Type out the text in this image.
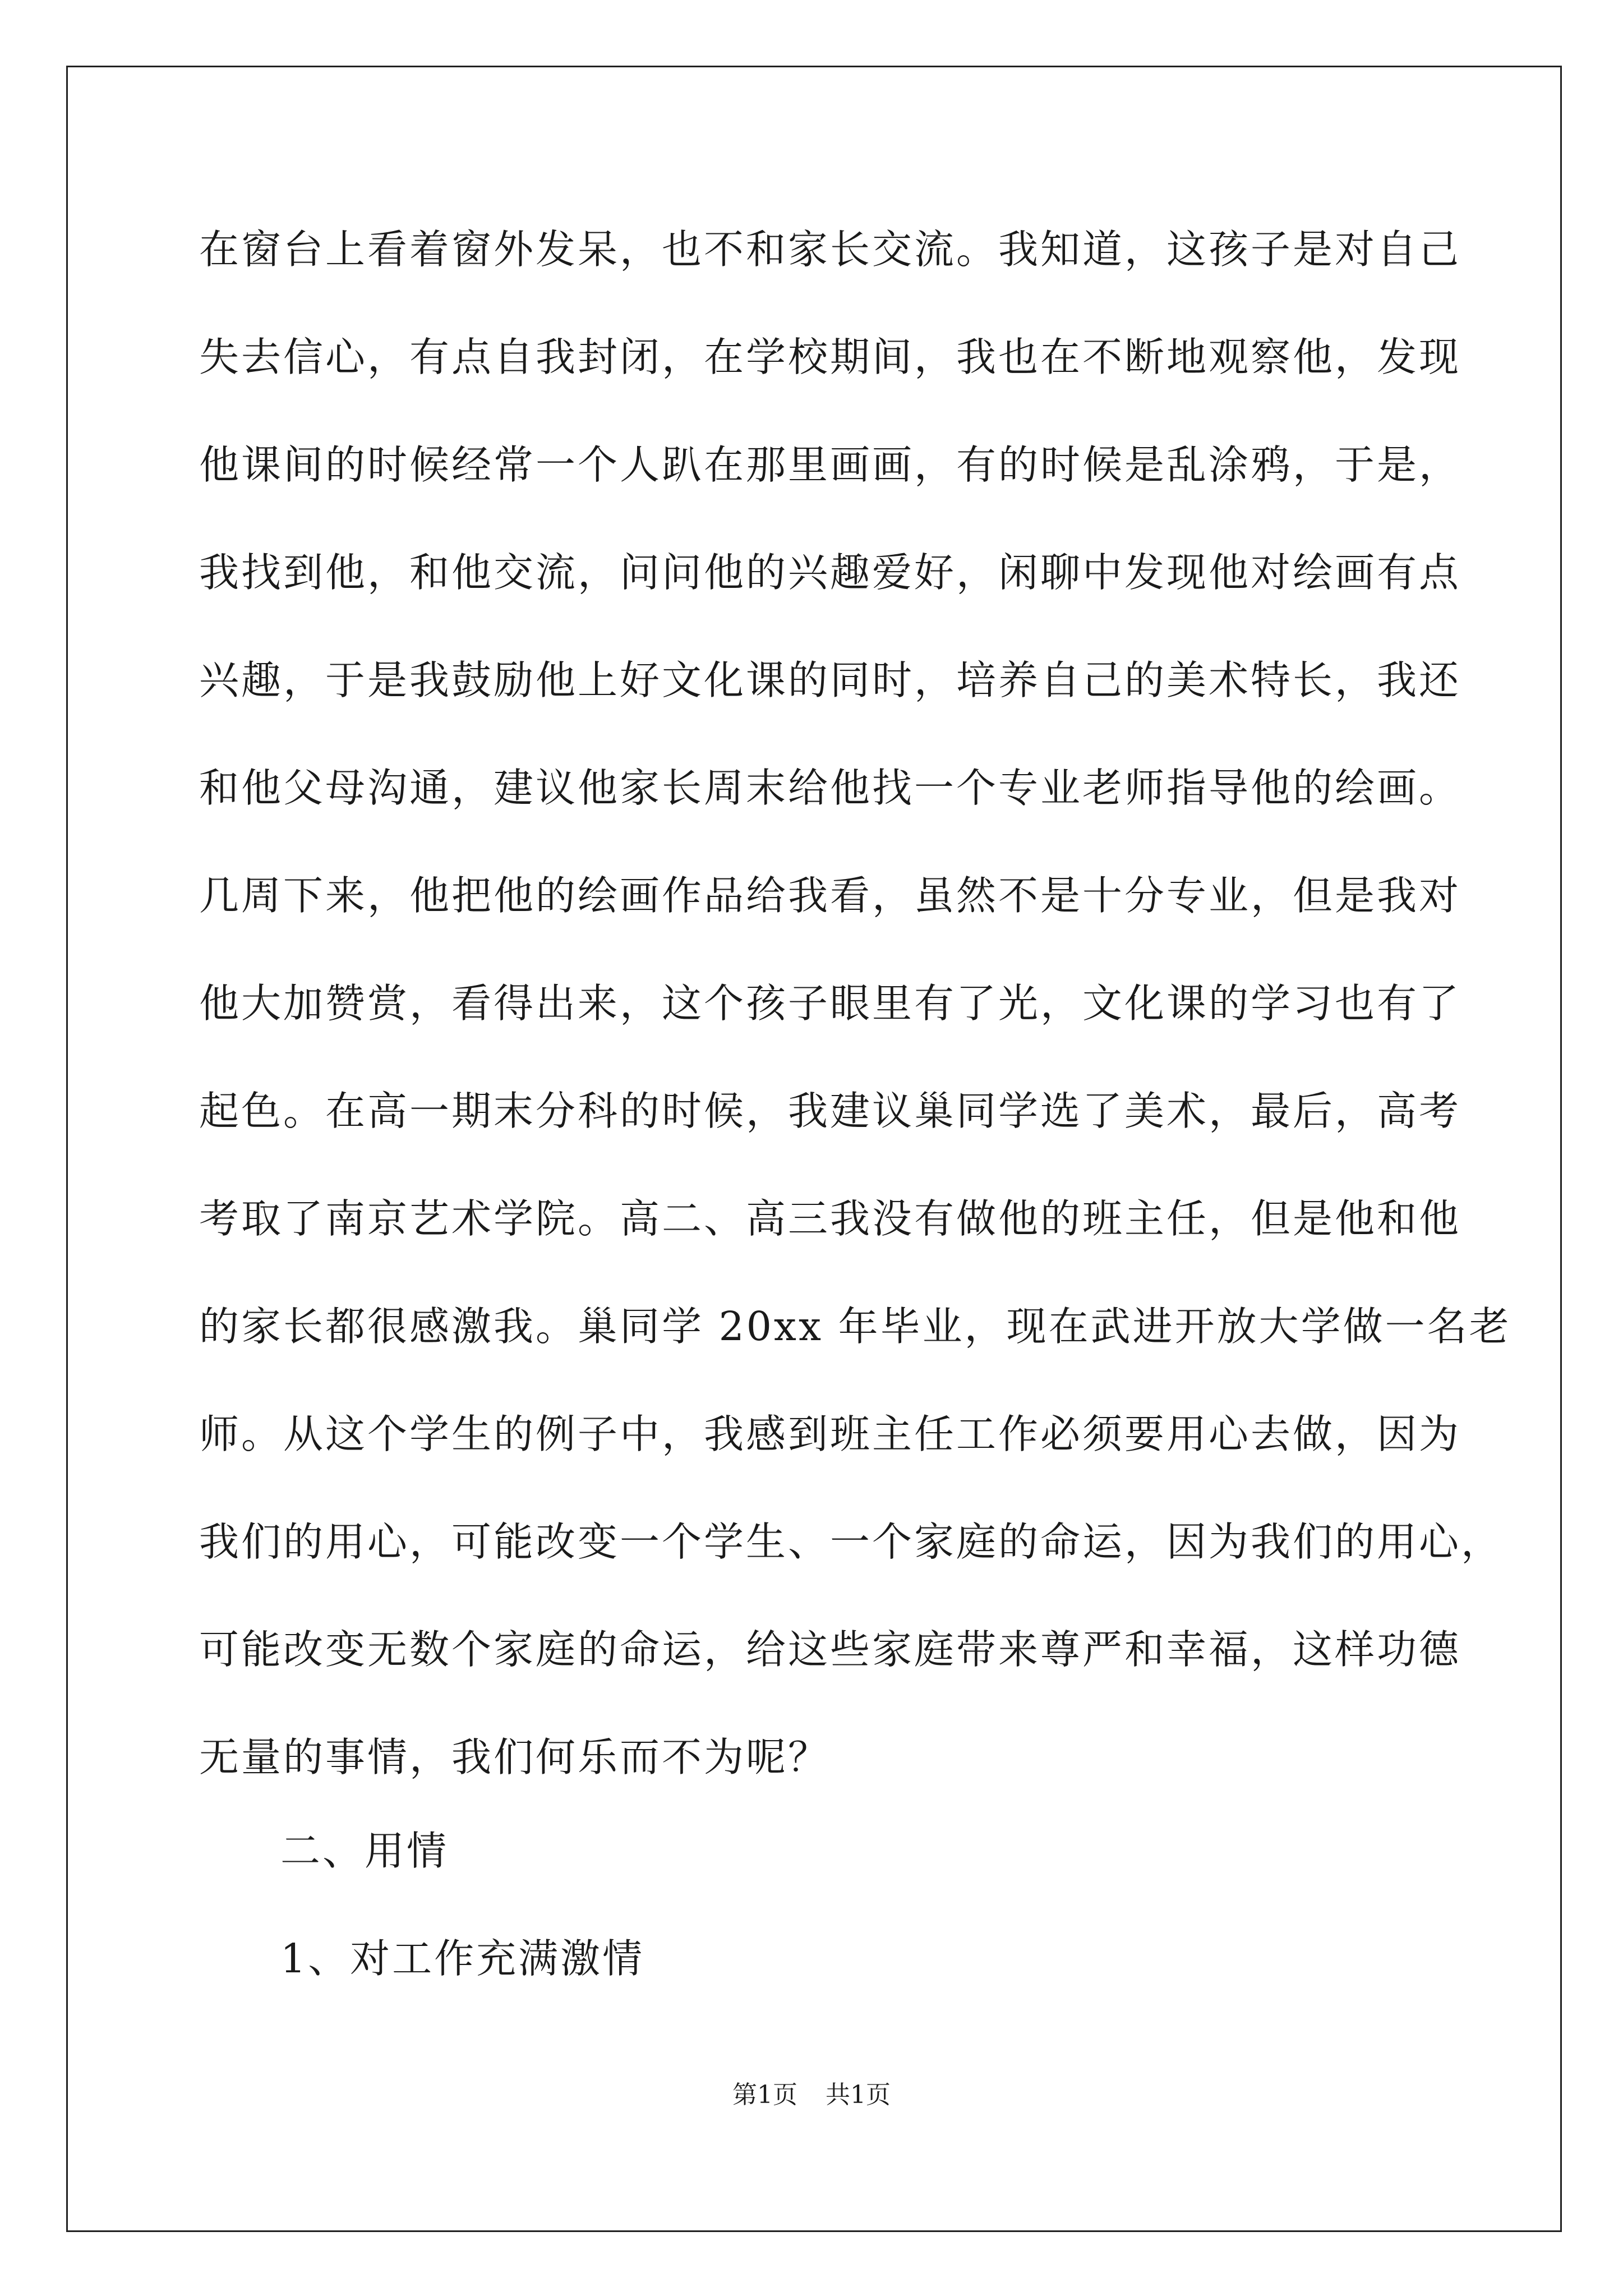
在窗台上看着窗外发呆，也不和家长交流。我知道，这孩子是对自己
失去信心，有点自我封闭，在学校期间，我也在不断地观察他，发现
他课间的时候经常一个人趴在那里画画，有的时候是乱涂鸦，于是，
我找到他，和他交流，问问他的兴趣爱好，闲聊中发现他对绘画有点
兴趣，于是我鼓励他上好文化课的同时，培养自己的美术特长，我还
和他父母沟通，建议他家长周末给他找一个专业老师指导他的绘画。
几周下来，他把他的绘画作品给我看，虽然不是十分专业，但是我对
他大加赞赏，看得出来，这个孩子眼里有了光，文化课的学习也有了
起色。在高一期末分科的时候，我建议巢同学选了美术，最后，高考
考取了南京艺术学院。高二、高三我没有做他的班主任，但是他和他
的家长都很感激我。巢同学 20xx 年毕业，现在武进开放大学做一名老
师。从这个学生的例子中，我感到班主任工作必须要用心去做，因为
我们的用心，可能改变一个学生、一个家庭的命运，因为我们的用心，
可能改变无数个家庭的命运，给这些家庭带来尊严和幸福，这样功德
无量的事情，我们何乐而不为呢？
二、用情
1、对工作充满激情
第1页 共1页
